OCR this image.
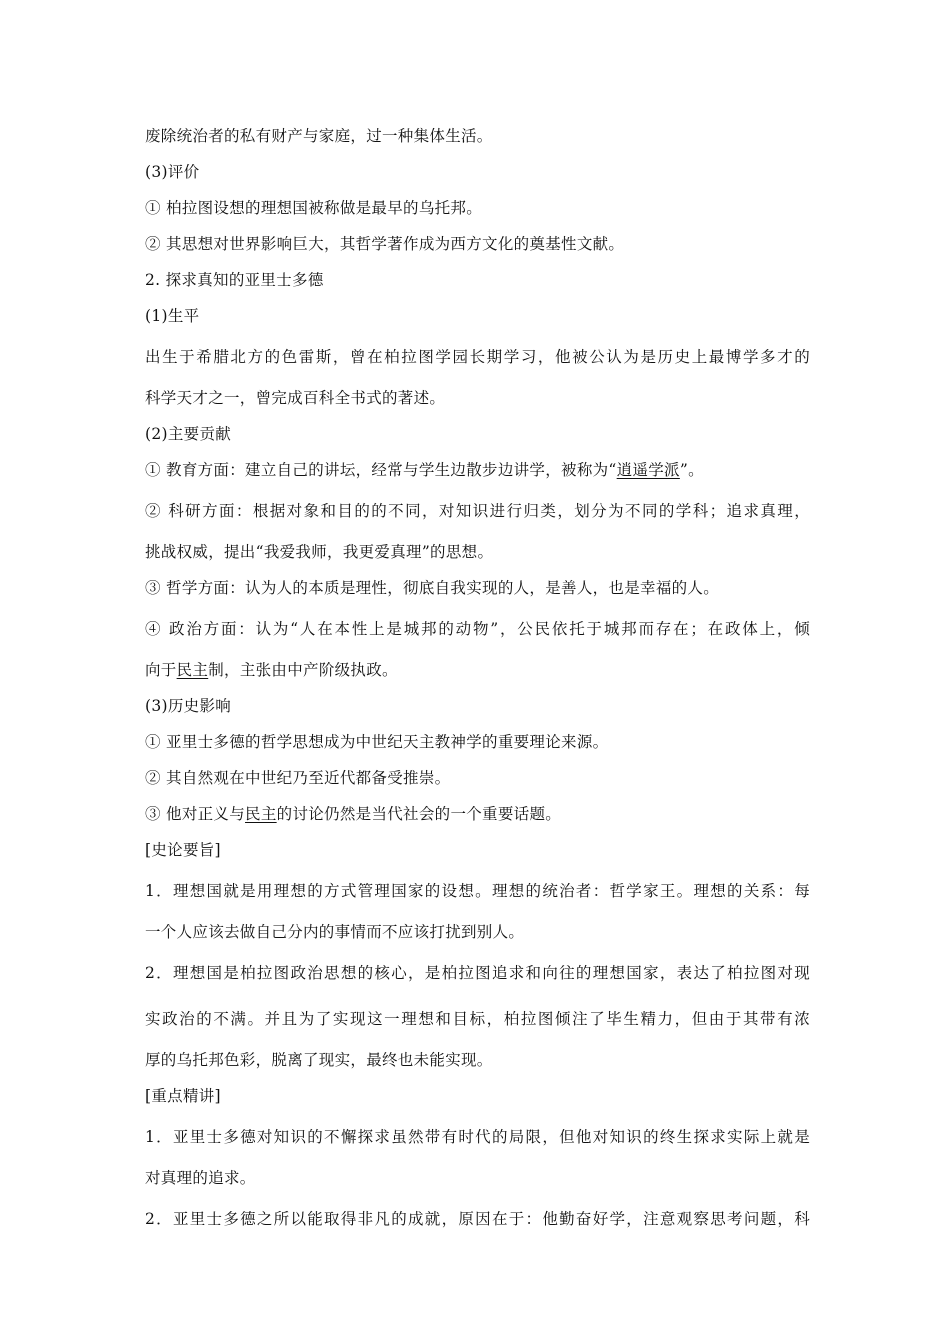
废除统治者的私有财产与家庭，过一种集体生活。
(3)评价
① 柏拉图设想的理想国被称做是最早的乌托邦。
② 其思想对世界影响巨大，其哲学著作成为西方文化的奠基性文献。
2. 探求真知的亚里士多德
(1)生平
出生于希腊北方的色雷斯，曾在柏拉图学园长期学习，他被公认为是历史上最博学多才的
科学天才之一，曾完成百科全书式的著述。
(2)主要贡献
① 教育方面：建立自己的讲坛，经常与学生边散步边讲学，被称为“逍遥学派”。
② 科研方面：根据对象和目的的不同，对知识进行归类，划分为不同的学科；追求真理，
挑战权威，提出“我爱我师，我更爱真理”的思想。
③ 哲学方面：认为人的本质是理性，彻底自我实现的人，是善人，也是幸福的人。
④ 政治方面：认为“人在本性上是城邦的动物”，公民依托于城邦而存在；在政体上，倾
向于民主制，主张由中产阶级执政。
(3)历史影响
① 亚里士多德的哲学思想成为中世纪天主教神学的重要理论来源。
② 其自然观在中世纪乃至近代都备受推崇。
③ 他对正义与民主的讨论仍然是当代社会的一个重要话题。
[史论要旨]
1．理想国就是用理想的方式管理国家的设想。理想的统治者：哲学家王。理想的关系：每
一个人应该去做自己分内的事情而不应该打扰到别人。
2．理想国是柏拉图政治思想的核心，是柏拉图追求和向往的理想国家，表达了柏拉图对现
实政治的不满。并且为了实现这一理想和目标，柏拉图倾注了毕生精力，但由于其带有浓
厚的乌托邦色彩，脱离了现实，最终也未能实现。
[重点精讲]
1．亚里士多德对知识的不懈探求虽然带有时代的局限，但他对知识的终生探求实际上就是
对真理的追求。
2．亚里士多德之所以能取得非凡的成就，原因在于：他勤奋好学，注意观察思考问题，科
